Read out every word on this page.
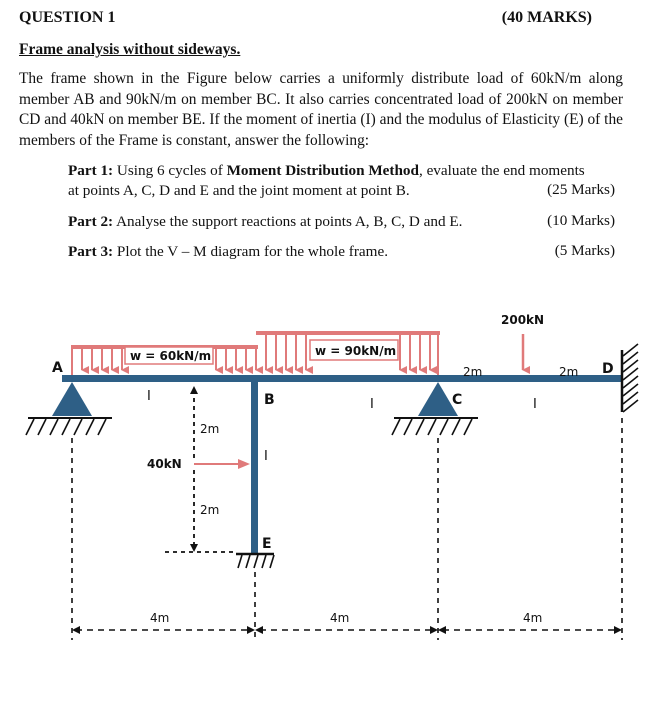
QUESTION 1	(40 MARKS)
Frame analysis without sideways.
The frame shown in the Figure below carries a uniformly distribute load of 60kN/m along member AB and 90kN/m on member BC. It also carries concentrated load of 200kN on member CD and 40kN on member BE. If the moment of inertia (I) and the modulus of Elasticity (E) of the members of the Frame is constant, answer the following:
Part 1: Using 6 cycles of Moment Distribution Method, evaluate the end moments
at points A, C, D and E and the joint moment at point B.	(25 Marks)
Part 2: Analyse the support reactions at points A, B, C, D and E.	(10 Marks)
Part 3: Plot the V – M diagram for the whole frame.	(5 Marks)
w = 60kN/m	w = 90kN/m
200kN
A
B	C
D
E
I
I	I
I
40kN
2m
2m
2m	2m
4m	4m	4m
